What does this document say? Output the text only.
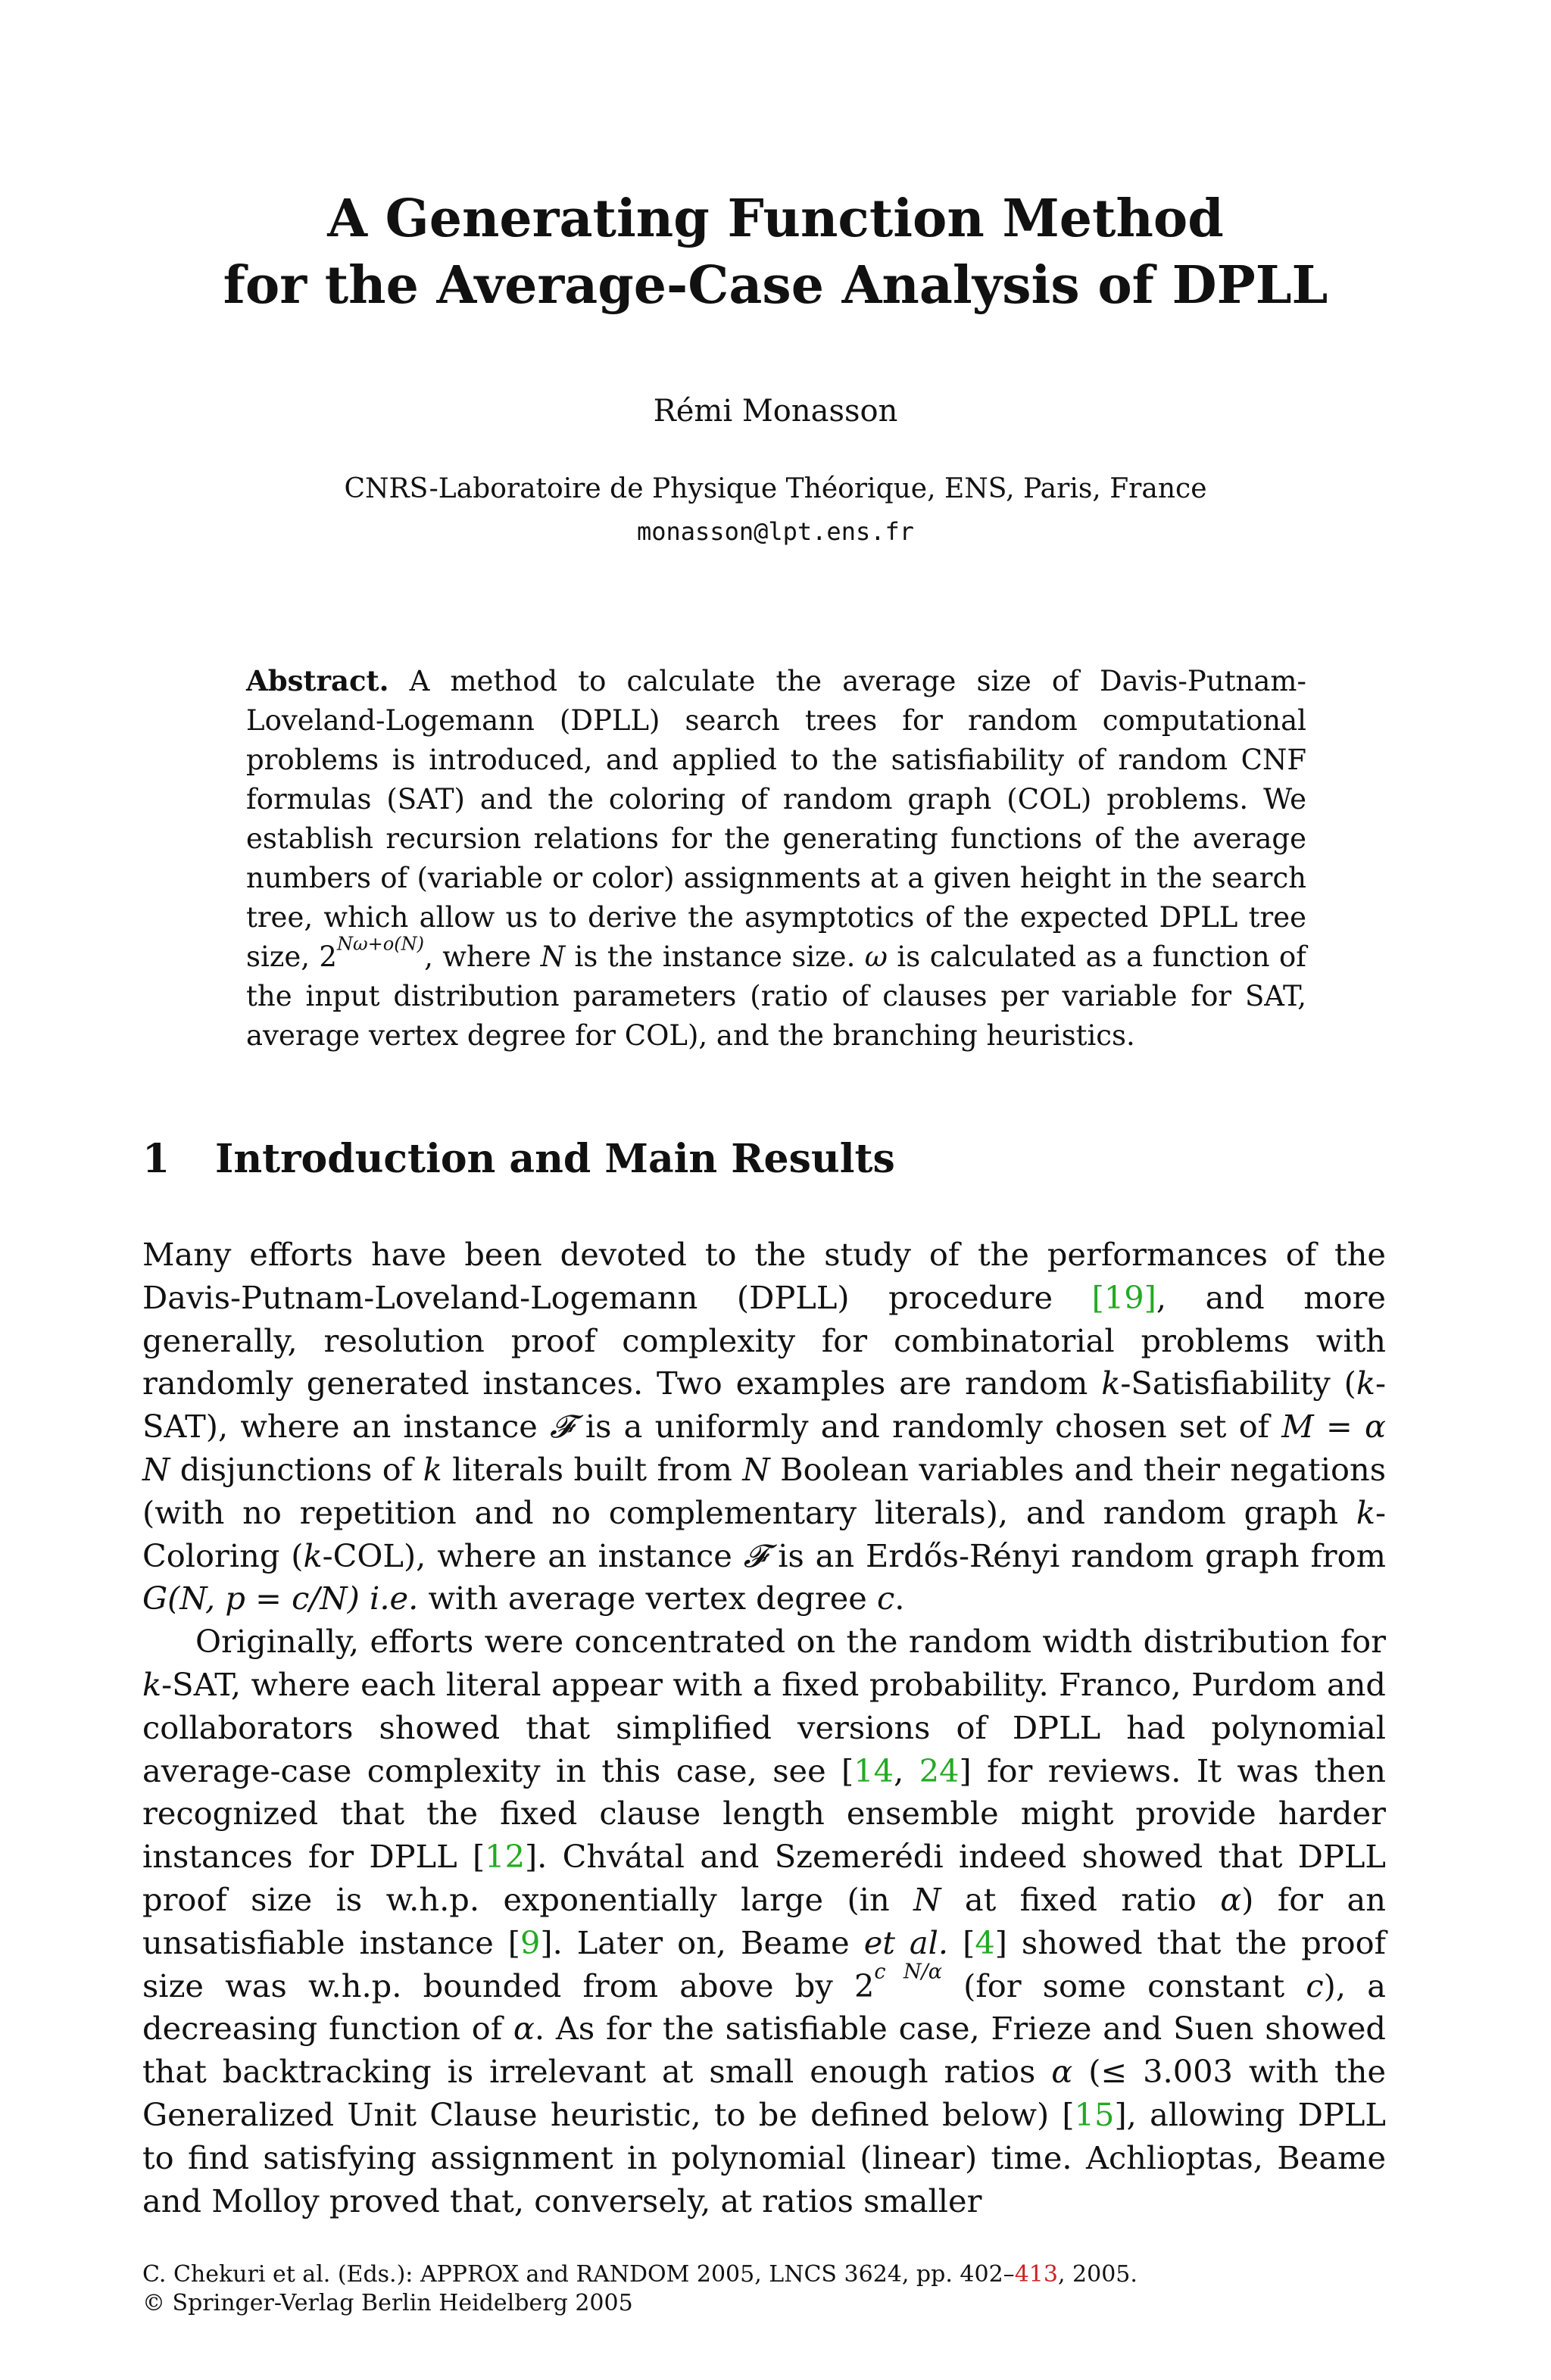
A Generating Function Method
for the Average-Case Analysis of DPLL

Rémi Monasson

CNRS-Laboratoire de Physique Théorique, ENS, Paris, France

monasson@lpt.ens.fr

Abstract. A method to calculate the average size of Davis-Putnam-Loveland-Logemann (DPLL) search trees for random computational problems is introduced, and applied to the satisfiability of random CNF formulas (SAT) and the coloring of random graph (COL) problems. We establish recursion relations for the generating functions of the average numbers of (variable or color) assignments at a given height in the search tree, which allow us to derive the asymptotics of the expected DPLL tree size, $2^{N\omega+o(N)}$, where N is the instance size. ω is calculated as a function of the input distribution parameters (ratio of clauses per variable for SAT, average vertex degree for COL), and the branching heuristics.

1 Introduction and Main Results

Many efforts have been devoted to the study of the performances of the Davis-Putnam-Loveland-Logemann (DPLL) procedure [19], and more generally, resolution proof complexity for combinatorial problems with randomly generated instances. Two examples are random k-Satisfiability (k-SAT), where an instance 𝓕 is a uniformly and randomly chosen set of M = α N disjunctions of k literals built from N Boolean variables and their negations (with no repetition and no complementary literals), and random graph k-Coloring (k-COL), where an instance 𝓕 is an Erdős-Rényi random graph from G(N, p = c/N) i.e. with average vertex degree c.

Originally, efforts were concentrated on the random width distribution for k-SAT, where each literal appear with a fixed probability. Franco, Purdom and collaborators showed that simplified versions of DPLL had polynomial average-case complexity in this case, see [14, 24] for reviews. It was then recognized that the fixed clause length ensemble might provide harder instances for DPLL [12]. Chvátal and Szemerédi indeed showed that DPLL proof size is w.h.p. exponentially large (in N at fixed ratio α) for an unsatisfiable instance [9]. Later on, Beame et al. [4] showed that the proof size was w.h.p. bounded from above by $2^{c N/\alpha}$ (for some constant c), a decreasing function of α. As for the satisfiable case, Frieze and Suen showed that backtracking is irrelevant at small enough ratios α (≤ 3.003 with the Generalized Unit Clause heuristic, to be defined below) [15], allowing DPLL to find satisfying assignment in polynomial (linear) time. Achlioptas, Beame and Molloy proved that, conversely, at ratios smaller

C. Chekuri et al. (Eds.): APPROX and RANDOM 2005, LNCS 3624, pp. 402–413, 2005.
© Springer-Verlag Berlin Heidelberg 2005
